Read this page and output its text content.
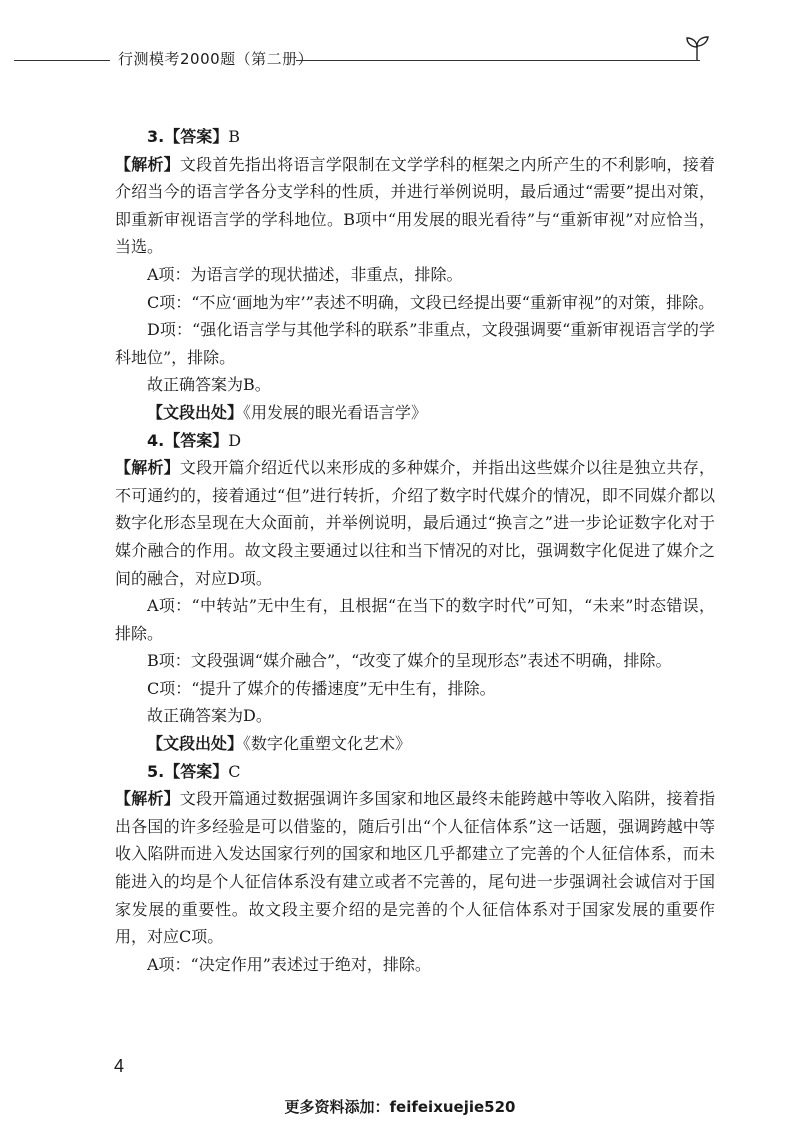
行测模考2000题（第二册）

3.【答案】B

【解析】文段首先指出将语言学限制在文学学科的框架之内所产生的不利影响，接着介绍当今的语言学各分支学科的性质，并进行举例说明，最后通过“需要”提出对策，即重新审视语言学的学科地位。B项中“用发展的眼光看待”与“重新审视”对应恰当，当选。

A项：为语言学的现状描述，非重点，排除。

C项：“不应‘画地为牢’”表述不明确，文段已经提出要“重新审视”的对策，排除。

D项：“强化语言学与其他学科的联系”非重点，文段强调要“重新审视语言学的学科地位”，排除。

故正确答案为B。

【文段出处】《用发展的眼光看语言学》

4.【答案】D

【解析】文段开篇介绍近代以来形成的多种媒介，并指出这些媒介以往是独立共存，不可通约的，接着通过“但”进行转折，介绍了数字时代媒介的情况，即不同媒介都以数字化形态呈现在大众面前，并举例说明，最后通过“换言之”进一步论证数字化对于媒介融合的作用。故文段主要通过以往和当下情况的对比，强调数字化促进了媒介之间的融合，对应D项。

A项：“中转站”无中生有，且根据“在当下的数字时代”可知，“未来”时态错误，排除。

B项：文段强调“媒介融合”，“改变了媒介的呈现形态”表述不明确，排除。

C项：“提升了媒介的传播速度”无中生有，排除。

故正确答案为D。

【文段出处】《数字化重塑文化艺术》

5.【答案】C

【解析】文段开篇通过数据强调许多国家和地区最终未能跨越中等收入陷阱，接着指出各国的许多经验是可以借鉴的，随后引出“个人征信体系”这一话题，强调跨越中等收入陷阱而进入发达国家行列的国家和地区几乎都建立了完善的个人征信体系，而未能进入的均是个人征信体系没有建立或者不完善的，尾句进一步强调社会诚信对于国家发展的重要性。故文段主要介绍的是完善的个人征信体系对于国家发展的重要作用，对应C项。

A项：“决定作用”表述过于绝对，排除。

4
更多资料添加：feifeixuejie520
